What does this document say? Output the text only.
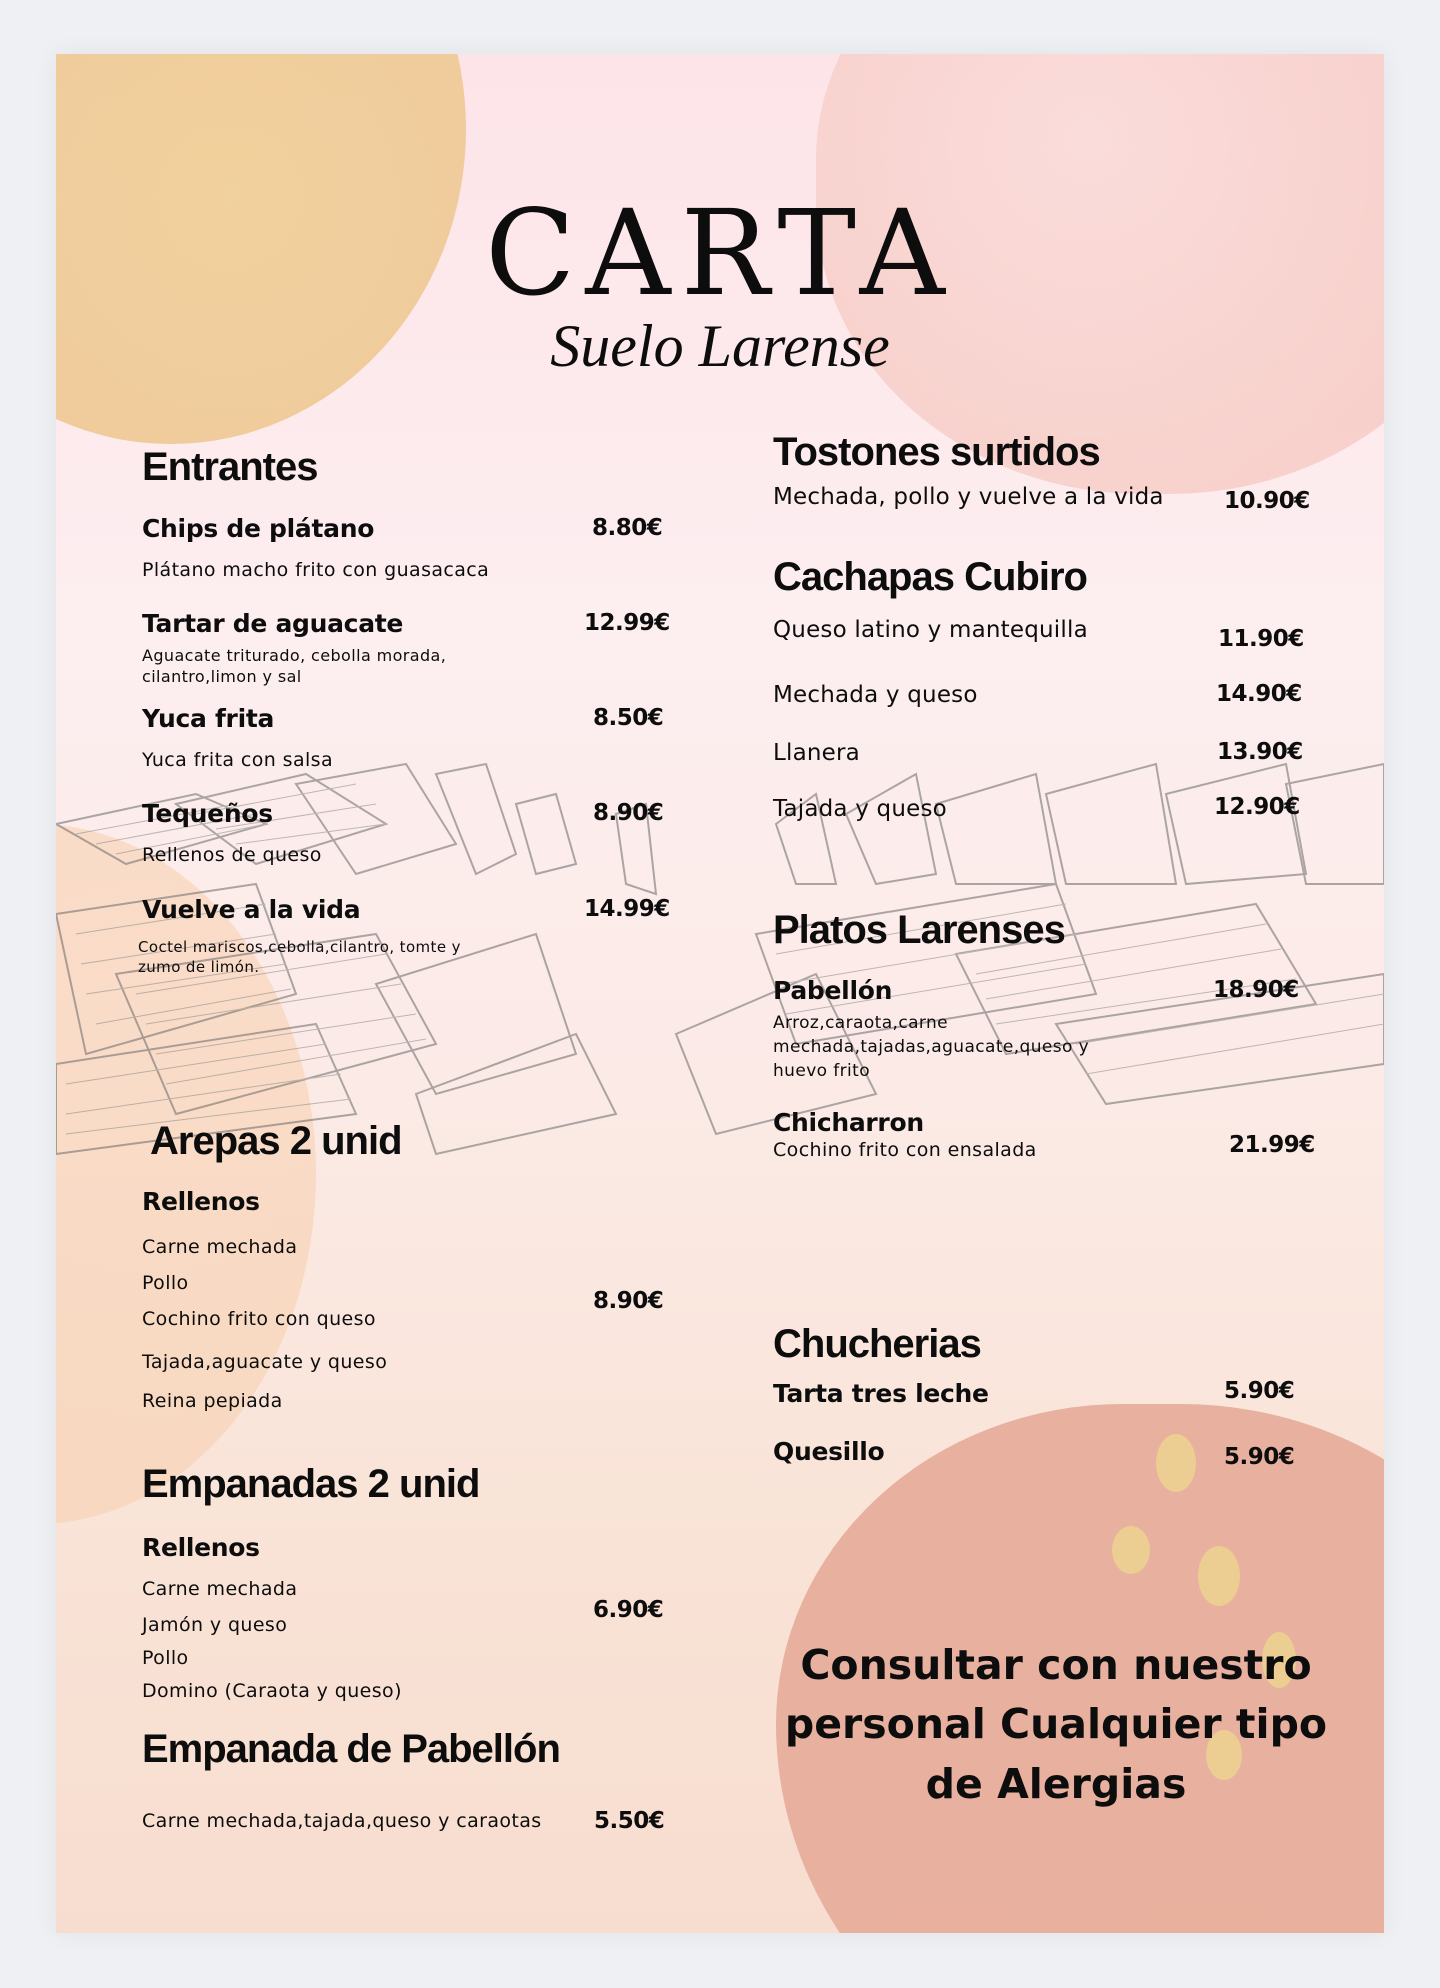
CARTA
Suelo Larense
Entrantes
Chips de plátano	8.80€
Plátano macho frito con guasacaca
Tartar de aguacate	12.99€
Aguacate triturado, cebolla morada, cilantro,limon y sal
Yuca frita	8.50€
Yuca frita con salsa
Tequeños	8.90€
Rellenos de queso
Vuelve a la vida	14.99€
Coctel mariscos,cebolla,cilantro, tomte y zumo de limón.
Arepas 2 unid
Rellenos
Carne mechada
Pollo
Cochino frito con queso
Tajada,aguacate y queso
Reina pepiada
8.90€
Empanadas 2 unid
Rellenos
Carne mechada
Jamón y queso
Pollo
Domino (Caraota y queso)
6.90€
Empanada de Pabellón
Carne mechada,tajada,queso y caraotas 5.50€
Tostones surtidos
Mechada, pollo y vuelve a la vida	10.90€
Cachapas Cubiro
Queso latino y mantequilla	11.90€
Mechada y queso	14.90€
Llanera	13.90€
Tajada y queso	12.90€
Platos Larenses
Pabellón	18.90€
Arroz,caraota,carne mechada,tajadas,aguacate,queso y huevo frito
Chicharron
Cochino frito con ensalada	21.99€
Chucherias
Tarta tres leche	5.90€
Quesillo	5.90€
Consultar con nuestro personal Cualquier tipo de Alergias
